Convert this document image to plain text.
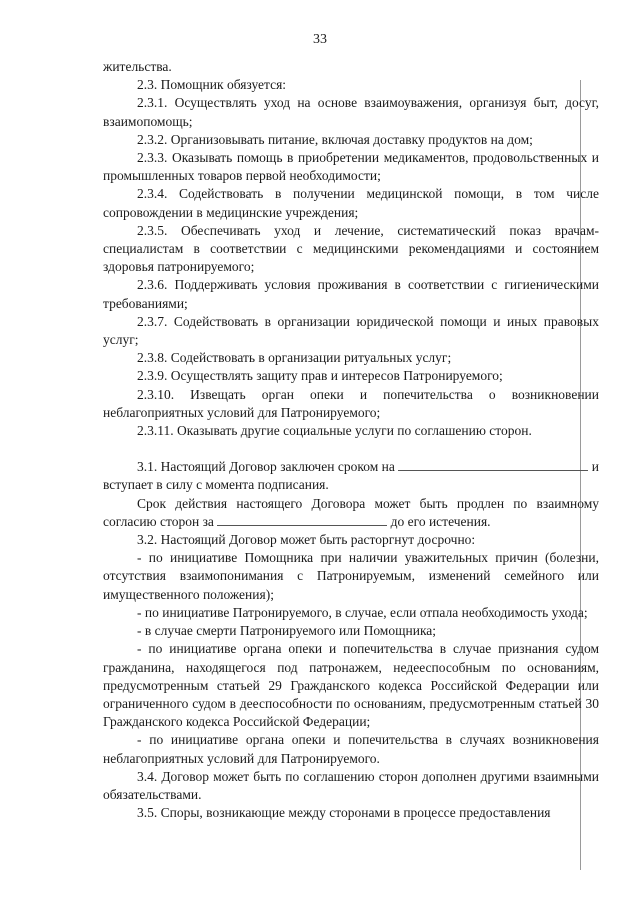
33

жительства.

2.3. Помощник обязуется:

2.3.1. Осуществлять уход на основе взаимоуважения, организуя быт, досуг, взаимопомощь;

2.3.2. Организовывать питание, включая доставку продуктов на дом;

2.3.3. Оказывать помощь в приобретении медикаментов, продовольственных и промышленных товаров первой необходимости;

2.3.4. Содействовать в получении медицинской помощи, в том числе сопровождении в медицинские учреждения;

2.3.5. Обеспечивать уход и лечение, систематический показ врачам-специалистам в соответствии с медицинскими рекомендациями и состоянием здоровья патронируемого;

2.3.6. Поддерживать условия проживания в соответствии с гигиеническими требованиями;

2.3.7. Содействовать в организации юридической помощи и иных правовых услуг;

2.3.8. Содействовать в организации ритуальных услуг;

2.3.9. Осуществлять защиту прав и интересов Патронируемого;

2.3.10. Извещать орган опеки и попечительства о возникновении неблагоприятных условий для Патронируемого;

2.3.11. Оказывать другие социальные услуги по соглашению сторон.

3.1. Настоящий Договор заключен сроком на	и вступает в силу с момента подписания.

Срок действия настоящего Договора может быть продлен по взаимному согласию сторон за	до его истечения.

3.2. Настоящий Договор может быть расторгнут досрочно:

- по инициативе Помощника при наличии уважительных причин (болезни, отсутствия взаимопонимания с Патронируемым, изменений семейного или имущественного положения);

- по инициативе Патронируемого, в случае, если отпала необходимость ухода;

- в случае смерти Патронируемого или Помощника;

- по инициативе органа опеки и попечительства в случае признания судом гражданина, находящегося под патронажем, недееспособным по основаниям, предусмотренным статьей 29 Гражданского кодекса Российской Федерации или ограниченного судом в дееспособности по основаниям, предусмотренным статьей 30 Гражданского кодекса Российской Федерации;

- по инициативе органа опеки и попечительства в случаях возникновения неблагоприятных условий для Патронируемого.

3.4. Договор может быть по соглашению сторон дополнен другими взаимными обязательствами.

3.5. Споры, возникающие между сторонами в процессе предоставления
